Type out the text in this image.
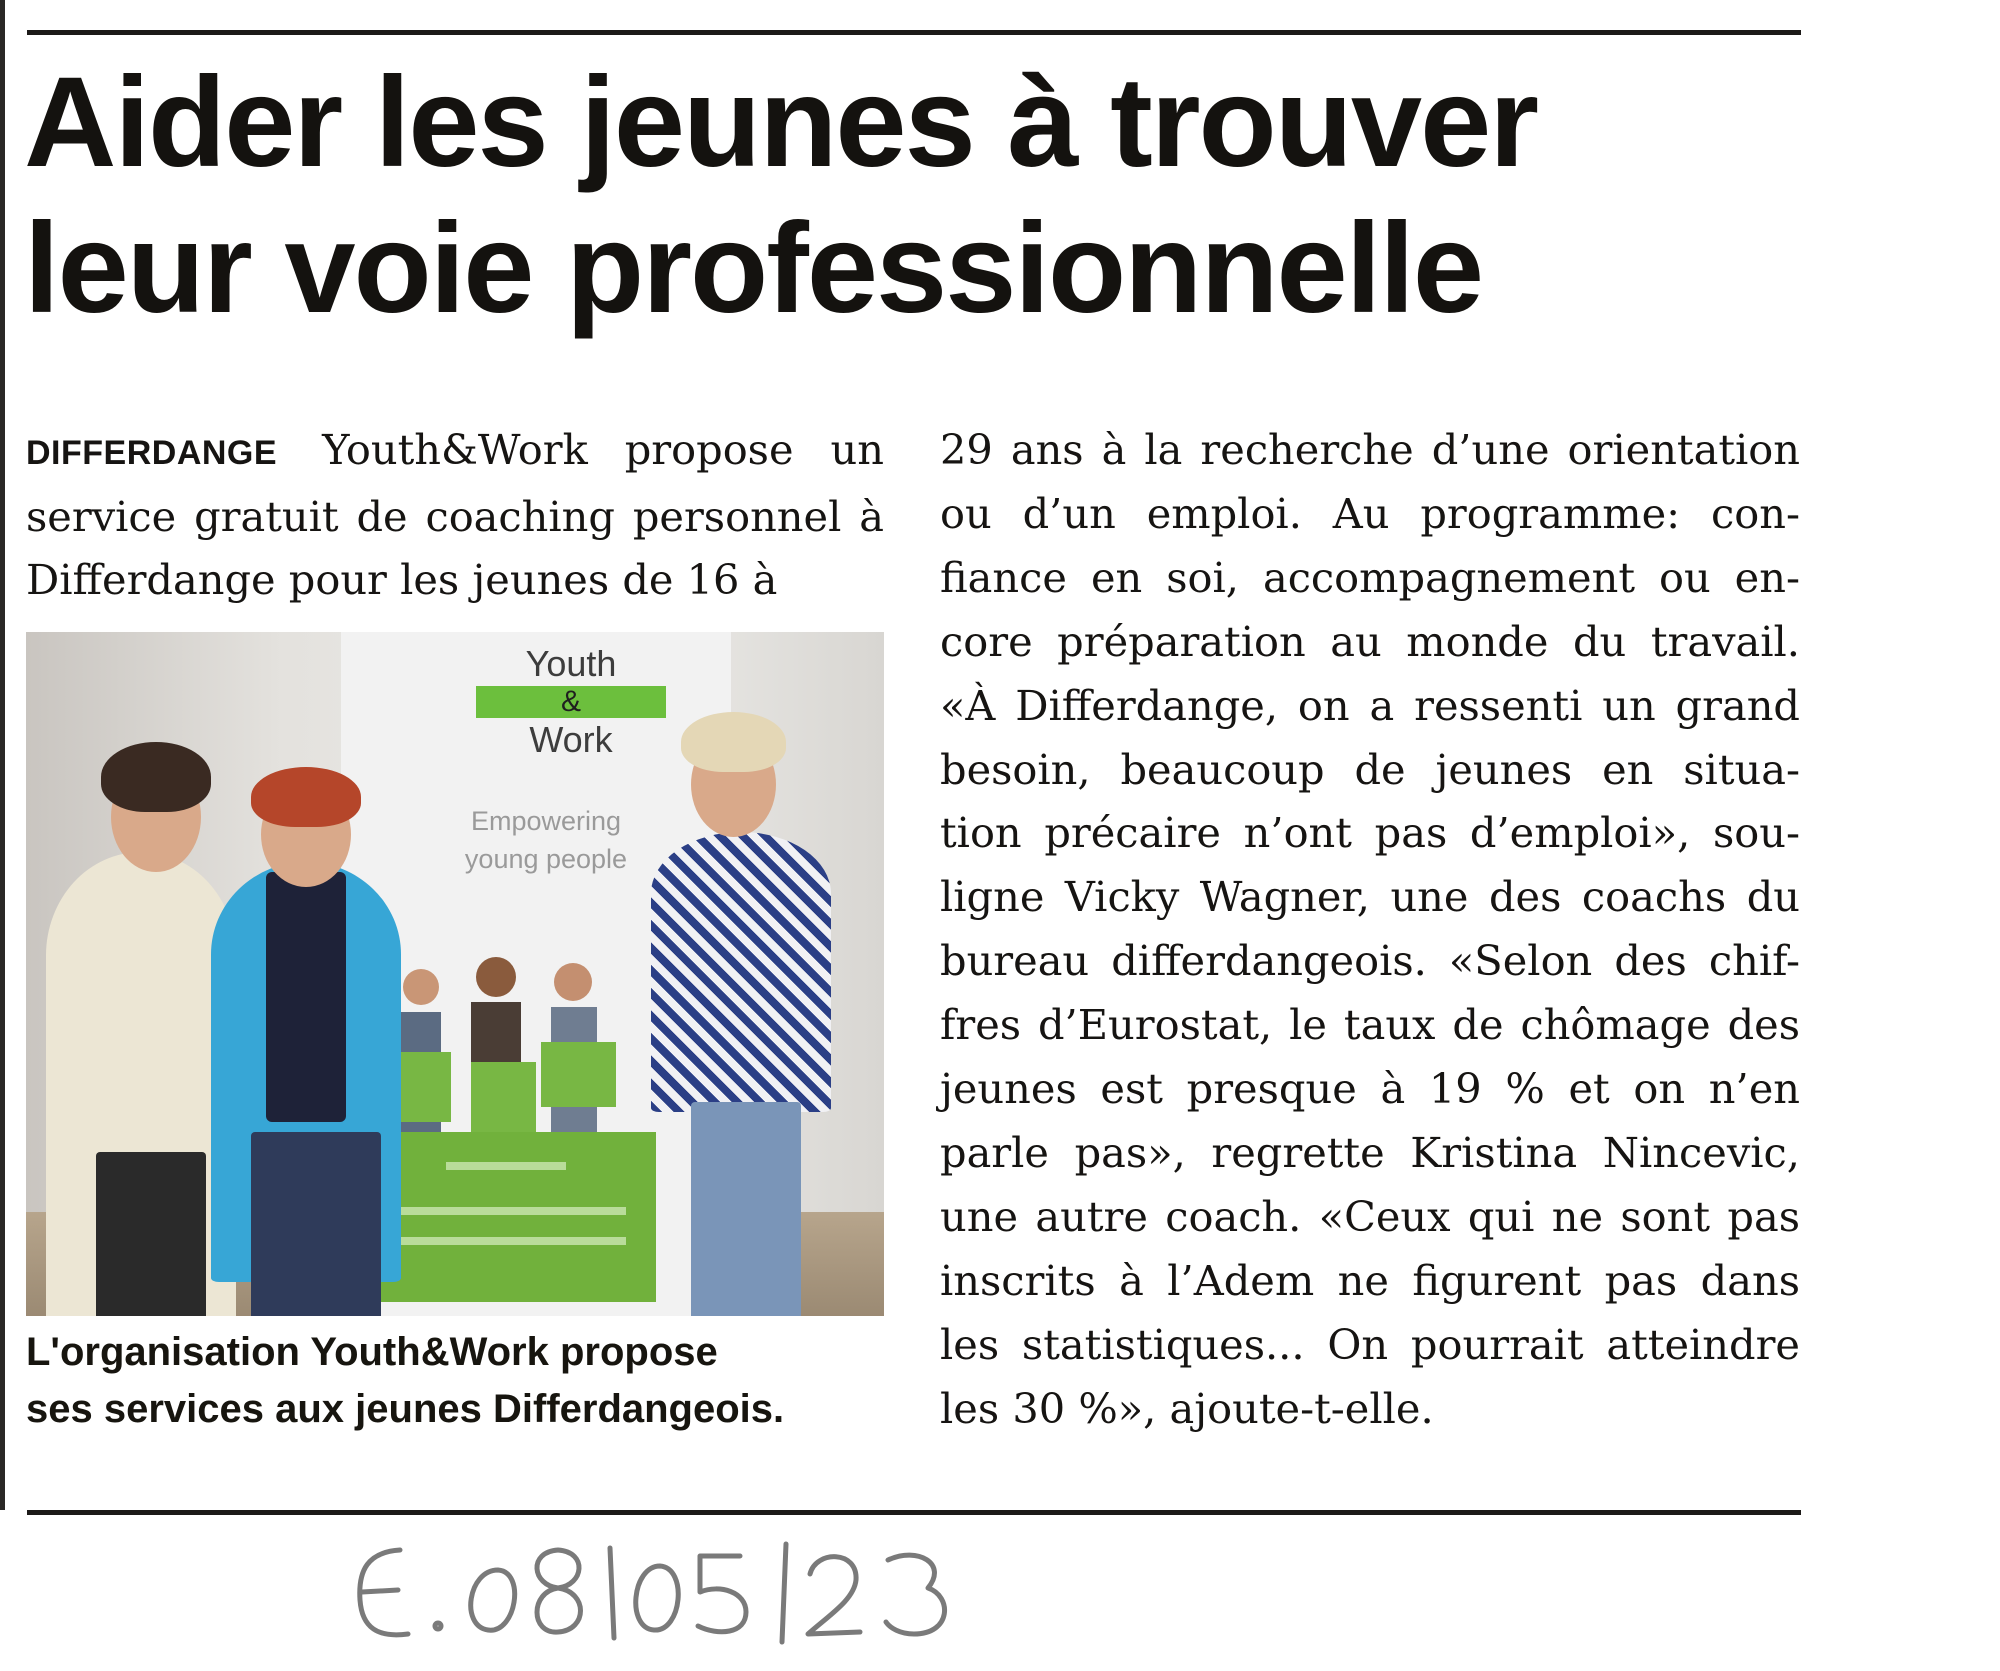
Aider les jeunes à trouver
leur voie professionnelle
DIFFERDANGE Youth&Work propose un service gratuit de coaching personnel à Differdange pour les jeunes de 16 à
Youth
&
Work
Empowering
young people
29 ans à la recherche d’une orientation ou d’un emploi. Au programme: con- fiance en soi, accompagnement ou en- core préparation au monde du travail. «À Differdange, on a ressenti un grand besoin, beaucoup de jeunes en situa- tion précaire n’ont pas d’emploi», sou- ligne Vicky Wagner, une des coachs du bureau differdangeois. «Selon des chif- fres d’Eurostat, le taux de chômage des jeunes est presque à 19 % et on n’en parle pas», regrette Kristina Nincevic, une autre coach. «Ceux qui ne sont pas inscrits à l’Adem ne figurent pas dans les statistiques... On pourrait atteindre les 30 %», ajoute-t-elle.
L'organisation Youth&Work propose
ses services aux jeunes Differdangeois.
